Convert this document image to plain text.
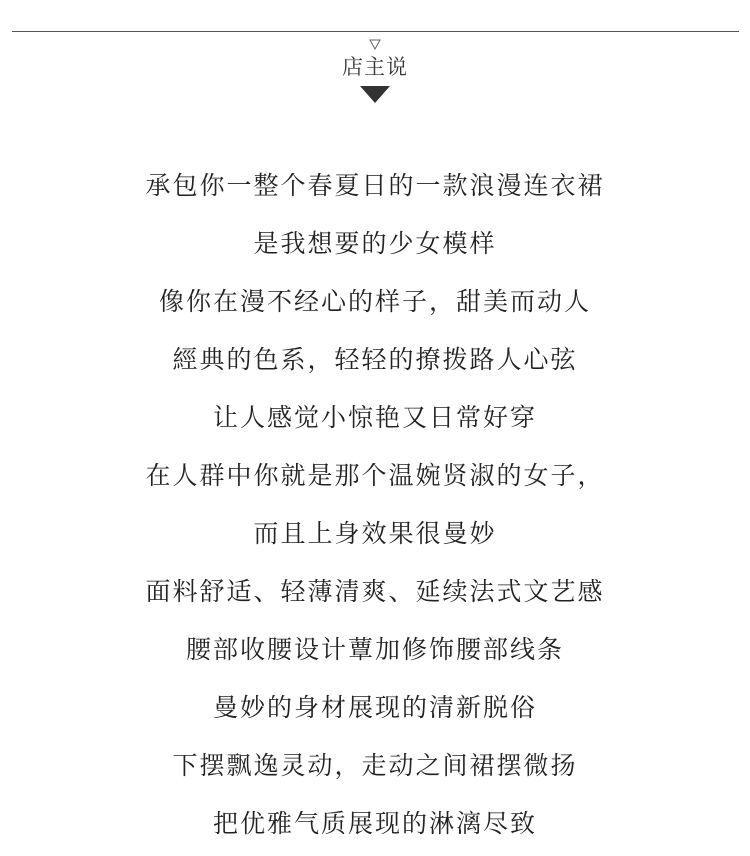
店主说
承包你一整个春夏日的一款浪漫连衣裙
是我想要的少女模样
像你在漫不经心的样子，甜美而动人
經典的色系，轻轻的撩拨路人心弦
让人感觉小惊艳又日常好穿
在人群中你就是那个温婉贤淑的女子，
而且上身效果很曼妙
面料舒适、轻薄清爽、延续法式文艺感
腰部收腰设计蕈加修饰腰部线条
曼妙的身材展现的清新脱俗
下摆飘逸灵动，走动之间裙摆微扬
把优雅气质展现的淋漓尽致
